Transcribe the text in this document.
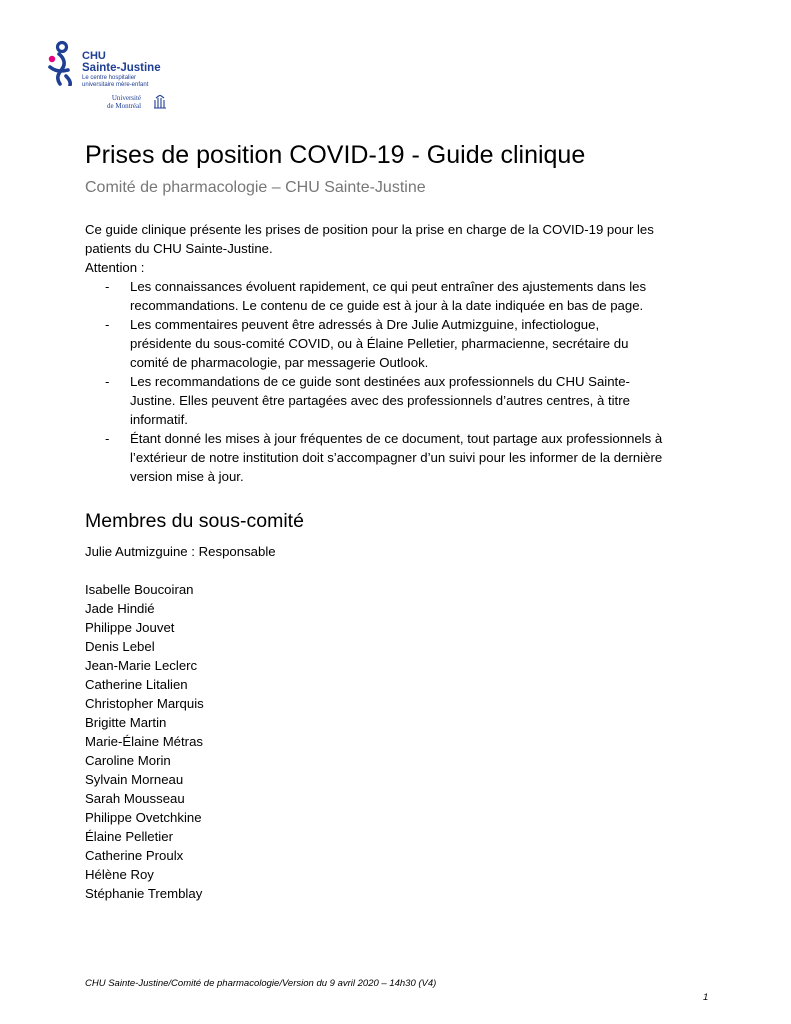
CHU
Sainte-Justine
Le centre hospitalier
universitaire mère-enfant
Université
de Montréal
Prises de position COVID-19 - Guide clinique
Comité de pharmacologie – CHU Sainte-Justine

Ce guide clinique présente les prises de position pour la prise en charge de la COVID-19 pour les
patients du CHU Sainte-Justine.

Attention :

- Les connaissances évoluent rapidement, ce qui peut entraîner des ajustements dans les
recommandations. Le contenu de ce guide est à jour à la date indiquée en bas de page.
- Les commentaires peuvent être adressés à Dre Julie Autmizguine, infectiologue,
présidente du sous-comité COVID, ou à Élaine Pelletier, pharmacienne, secrétaire du
comité de pharmacologie, par messagerie Outlook.
- Les recommandations de ce guide sont destinées aux professionnels du CHU Sainte-
Justine. Elles peuvent être partagées avec des professionnels d’autres centres, à titre
informatif.
- Étant donné les mises à jour fréquentes de ce document, tout partage aux professionnels à
l’extérieur de notre institution doit s’accompagner d’un suivi pour les informer de la dernière
version mise à jour.
Membres du sous-comité
Julie Autmizguine : Responsable
Isabelle Boucoiran
Jade Hindié
Philippe Jouvet
Denis Lebel
Jean-Marie Leclerc
Catherine Litalien
Christopher Marquis
Brigitte Martin
Marie-Élaine Métras
Caroline Morin
Sylvain Morneau
Sarah Mousseau
Philippe Ovetchkine
Élaine Pelletier
Catherine Proulx
Hélène Roy
Stéphanie Tremblay
CHU Sainte-Justine/Comité de pharmacologie/Version du 9 avril 2020 – 14h30 (V4)
1
